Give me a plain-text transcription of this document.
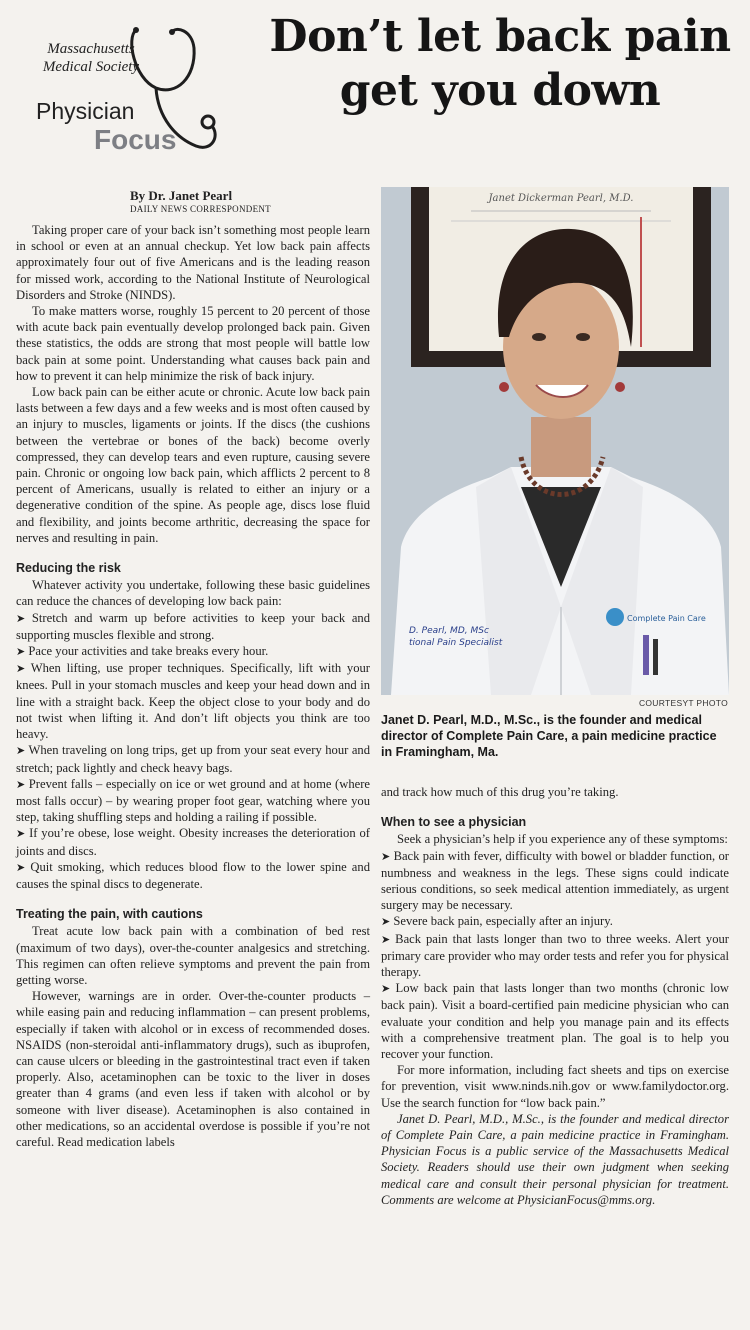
Massachusetts
Medical Society
Physician
Focus
Don’t let back pain
get you down
By Dr. Janet Pearl
DAILY NEWS CORRESPONDENT

Taking proper care of your back isn’t something most people learn in school or even at an annual checkup. Yet low back pain affects approximately four out of five Americans and is the leading reason for missed work, according to the National Institute of Neurological Disorders and Stroke (NINDS).

To make matters worse, roughly 15 percent to 20 percent of those with acute back pain eventually develop prolonged back pain. Given these statistics, the odds are strong that most people will battle low back pain at some point. Understanding what causes back pain and how to prevent it can help minimize the risk of back injury.

Low back pain can be either acute or chronic. Acute low back pain lasts between a few days and a few weeks and is most often caused by an injury to muscles, ligaments or joints. If the discs (the cushions between the vertebrae or bones of the back) become overly compressed, they can develop tears and even rupture, causing severe pain. Chronic or ongoing low back pain, which afflicts 2 percent to 8 percent of Americans, usually is related to either an injury or a degenerative condition of the spine. As people age, discs lose fluid and flexibility, and joints become arthritic, decreasing the space for nerves and resulting in pain.

Reducing the risk

Whatever activity you undertake, following these basic guidelines can reduce the chances of developing low back pain:

➤ Stretch and warm up before activities to keep your back and supporting muscles flexible and strong.

➤ Pace your activities and take breaks every hour.

➤ When lifting, use proper techniques. Specifically, lift with your knees. Pull in your stomach muscles and keep your head down and in line with a straight back. Keep the object close to your body and do not twist when lifting it. And don’t lift objects you think are too heavy.

➤ When traveling on long trips, get up from your seat every hour and stretch; pack lightly and check heavy bags.

➤ Prevent falls – especially on ice or wet ground and at home (where most falls occur) – by wearing proper foot gear, watching where you step, taking shuffling steps and holding a railing if possible.

➤ If you’re obese, lose weight. Obesity increases the deterioration of joints and discs.

➤ Quit smoking, which reduces blood flow to the lower spine and causes the spinal discs to degenerate.

Treating the pain, with cautions

Treat acute low back pain with a combination of bed rest (maximum of two days), over-the-counter analgesics and stretching. This regimen can often relieve symptoms and prevent the pain from getting worse.

However, warnings are in order. Over-the-counter products – while easing pain and reducing inflammation – can present problems, especially if taken with alcohol or in excess of recommended doses. NSAIDS (non-steroidal anti-inflammatory drugs), such as ibuprofen, can cause ulcers or bleeding in the gastrointestinal tract even if taken properly. Also, acetaminophen can be toxic to the liver in doses greater than 4 grams (and even less if taken with alcohol or by someone with liver disease). Acetaminophen is also contained in other medications, so an accidental overdose is possible if you’re not careful. Read medication labels

Janet Dickerman Pearl, M.D.
D. Pearl, MD, MSc
tional Pain Specialist
Complete Pain Care
COURTESYT PHOTO
Janet D. Pearl, M.D., M.Sc., is the founder and medical director of Complete Pain Care, a pain medicine practice in Framingham, Ma.

and track how much of this drug you’re taking.

When to see a physician

Seek a physician’s help if you experience any of these symptoms:

➤ Back pain with fever, difficulty with bowel or bladder function, or numbness and weakness in the legs. These signs could indicate serious conditions, so seek medical attention immediately, as urgent surgery may be necessary.

➤ Severe back pain, especially after an injury.

➤ Back pain that lasts longer than two to three weeks. Alert your primary care provider who may order tests and refer you for physical therapy.

➤ Low back pain that lasts longer than two months (chronic low back pain). Visit a board-certified pain medicine physician who can evaluate your condition and help you manage pain and its effects with a comprehensive treatment plan. The goal is to help you recover your function.

For more information, including fact sheets and tips on exercise for prevention, visit www.ninds.nih.gov or www.familydoctor.org. Use the search function for “low back pain.”

Janet D. Pearl, M.D., M.Sc., is the founder and medical director of Complete Pain Care, a pain medicine practice in Framingham. Physician Focus is a public service of the Massachusetts Medical Society. Readers should use their own judgment when seeking medical care and consult their personal physician for treatment. Comments are welcome at PhysicianFocus@mms.org.
